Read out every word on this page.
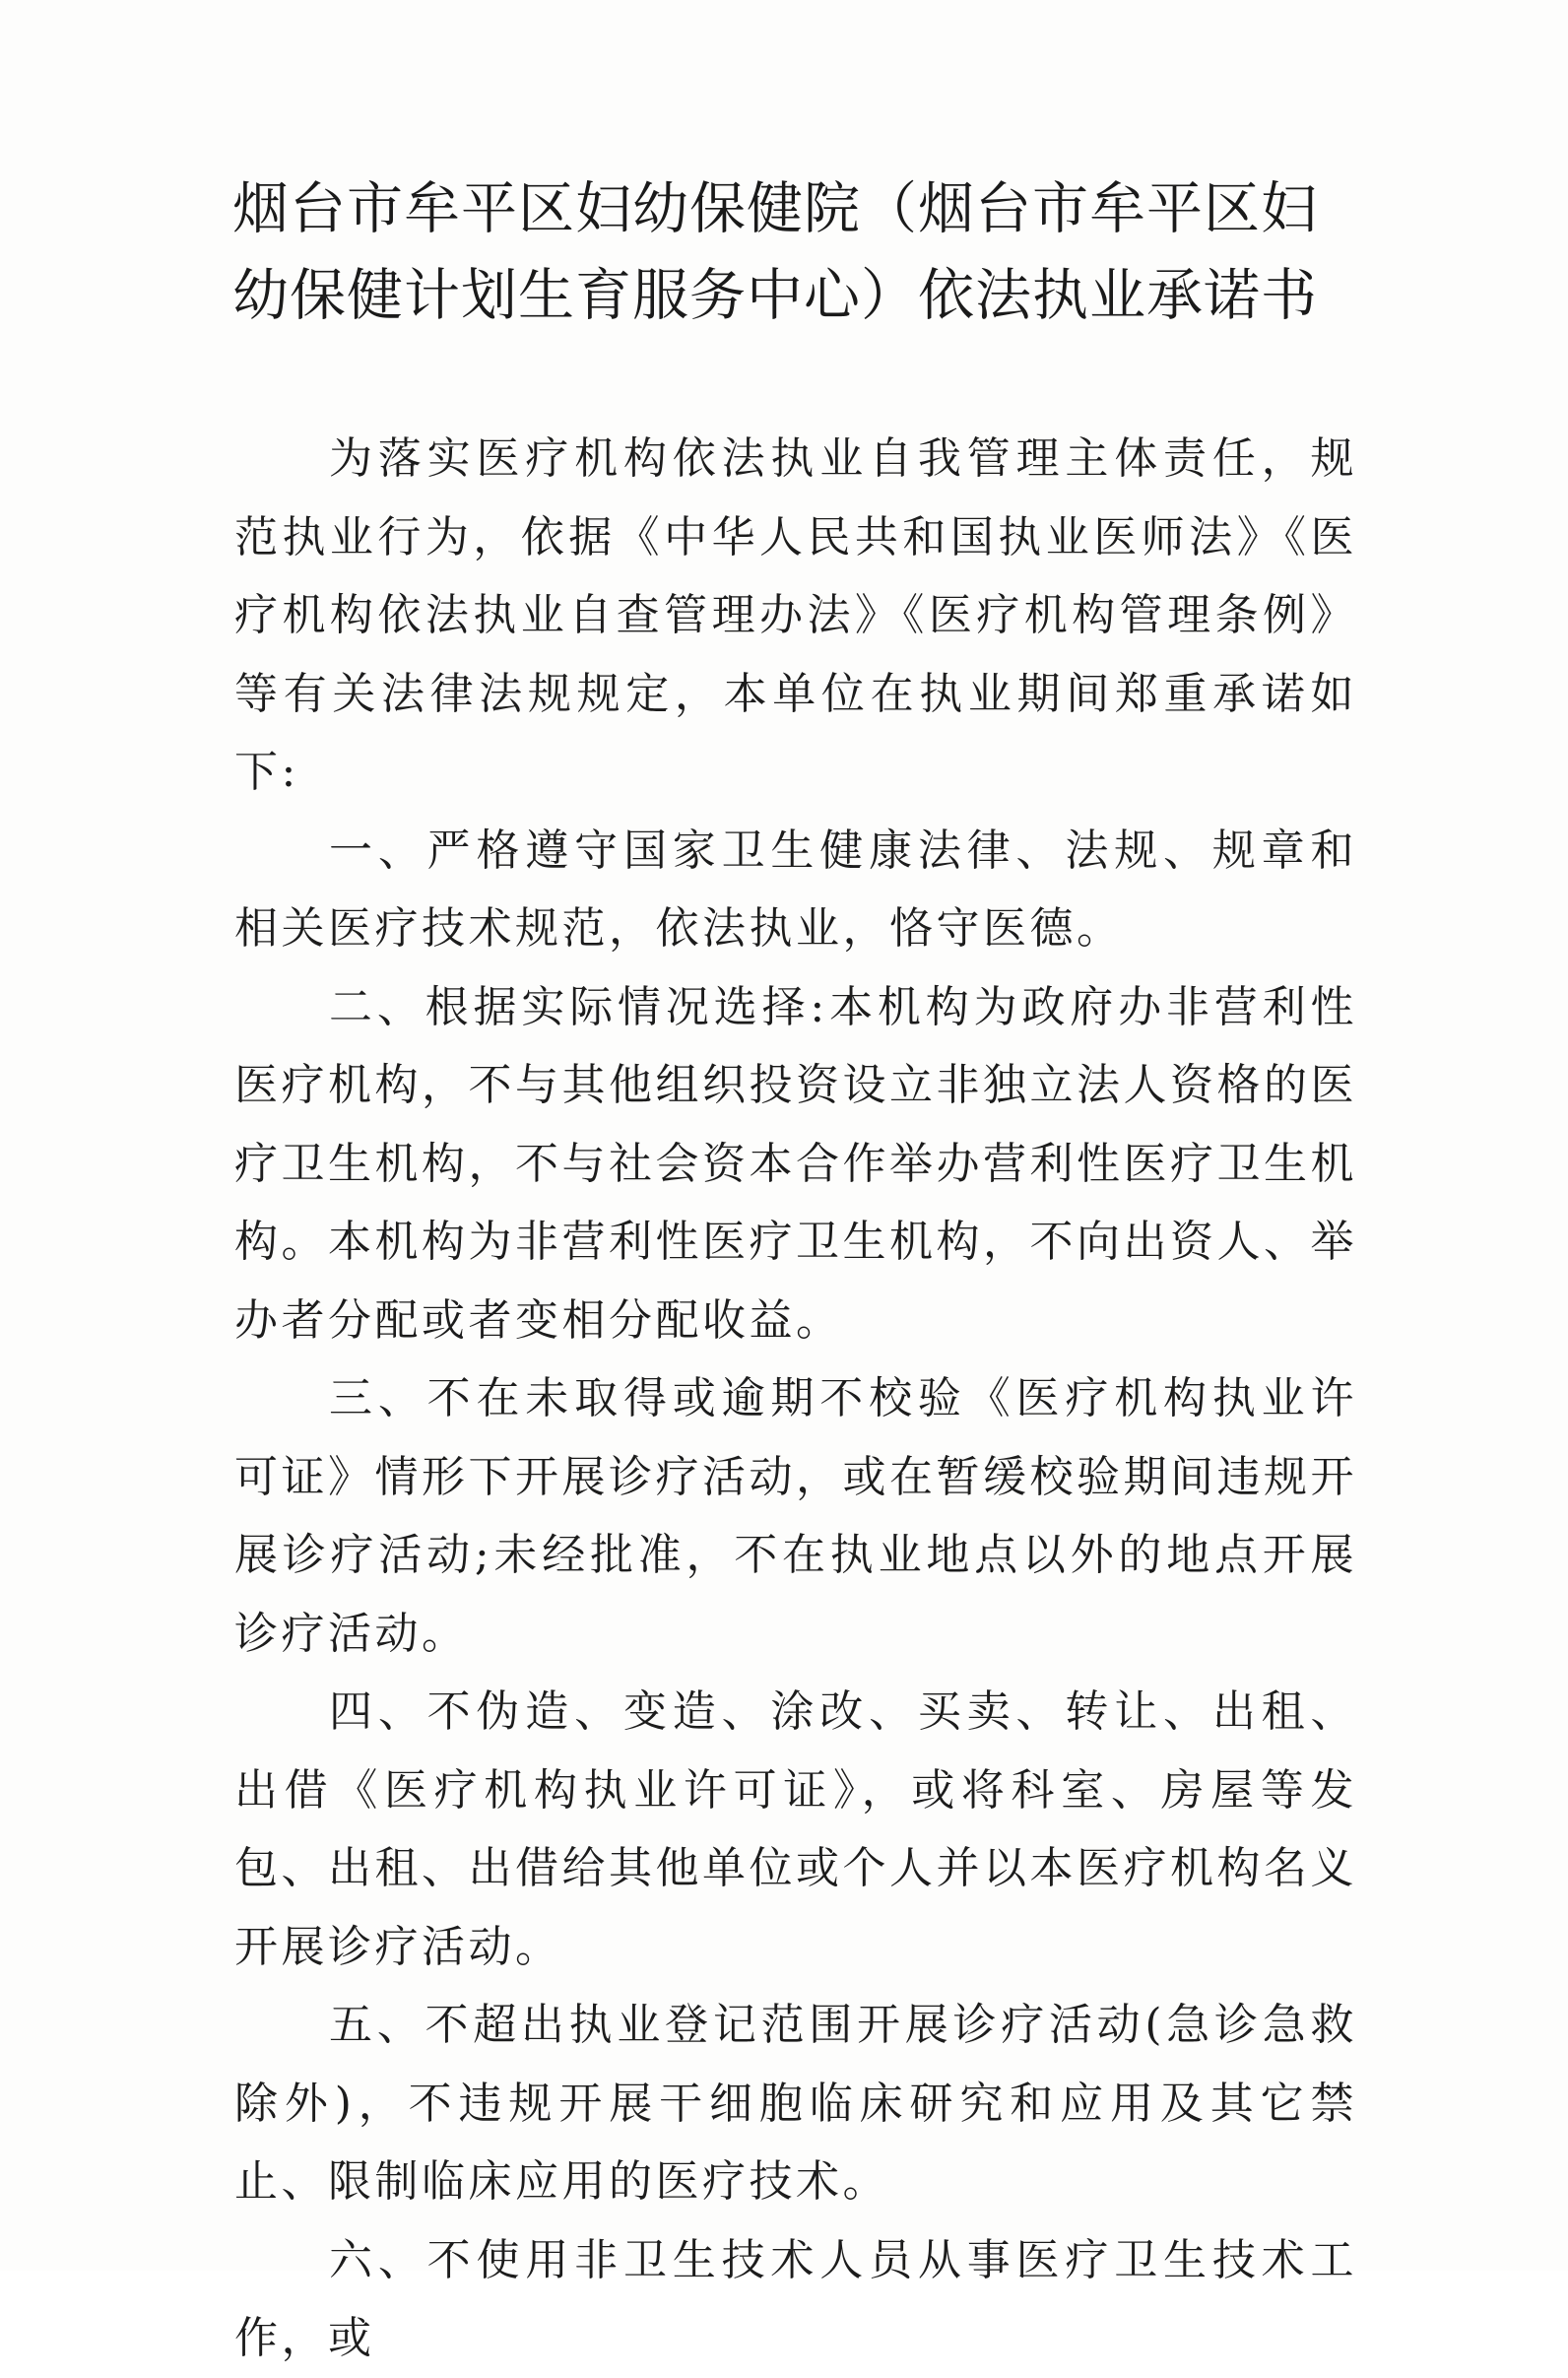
烟台市牟平区妇幼保健院（烟台市牟平区妇
幼保健计划生育服务中心）依法执业承诺书

为落实医疗机构依法执业自我管理主体责任，规范执业行为，依据《中华人民共和国执业医师法》《医疗机构依法执业自查管理办法》《医疗机构管理条例》等有关法律法规规定，本单位在执业期间郑重承诺如下:

一、严格遵守国家卫生健康法律、法规、规章和相关医疗技术规范，依法执业，恪守医德。

二、根据实际情况选择:本机构为政府办非营利性医疗机构，不与其他组织投资设立非独立法人资格的医疗卫生机构，不与社会资本合作举办营利性医疗卫生机构。本机构为非营利性医疗卫生机构，不向出资人、举办者分配或者变相分配收益。

三、不在未取得或逾期不校验《医疗机构执业许可证》情形下开展诊疗活动，或在暂缓校验期间违规开展诊疗活动;未经批准，不在执业地点以外的地点开展诊疗活动。

四、不伪造、变造、涂改、买卖、转让、出租、出借《医疗机构执业许可证》，或将科室、房屋等发包、出租、出借给其他单位或个人并以本医疗机构名义开展诊疗活动。

五、不超出执业登记范围开展诊疗活动(急诊急救除外)，不违规开展干细胞临床研究和应用及其它禁止、限制临床应用的医疗技术。

六、不使用非卫生技术人员从事医疗卫生技术工作，或
